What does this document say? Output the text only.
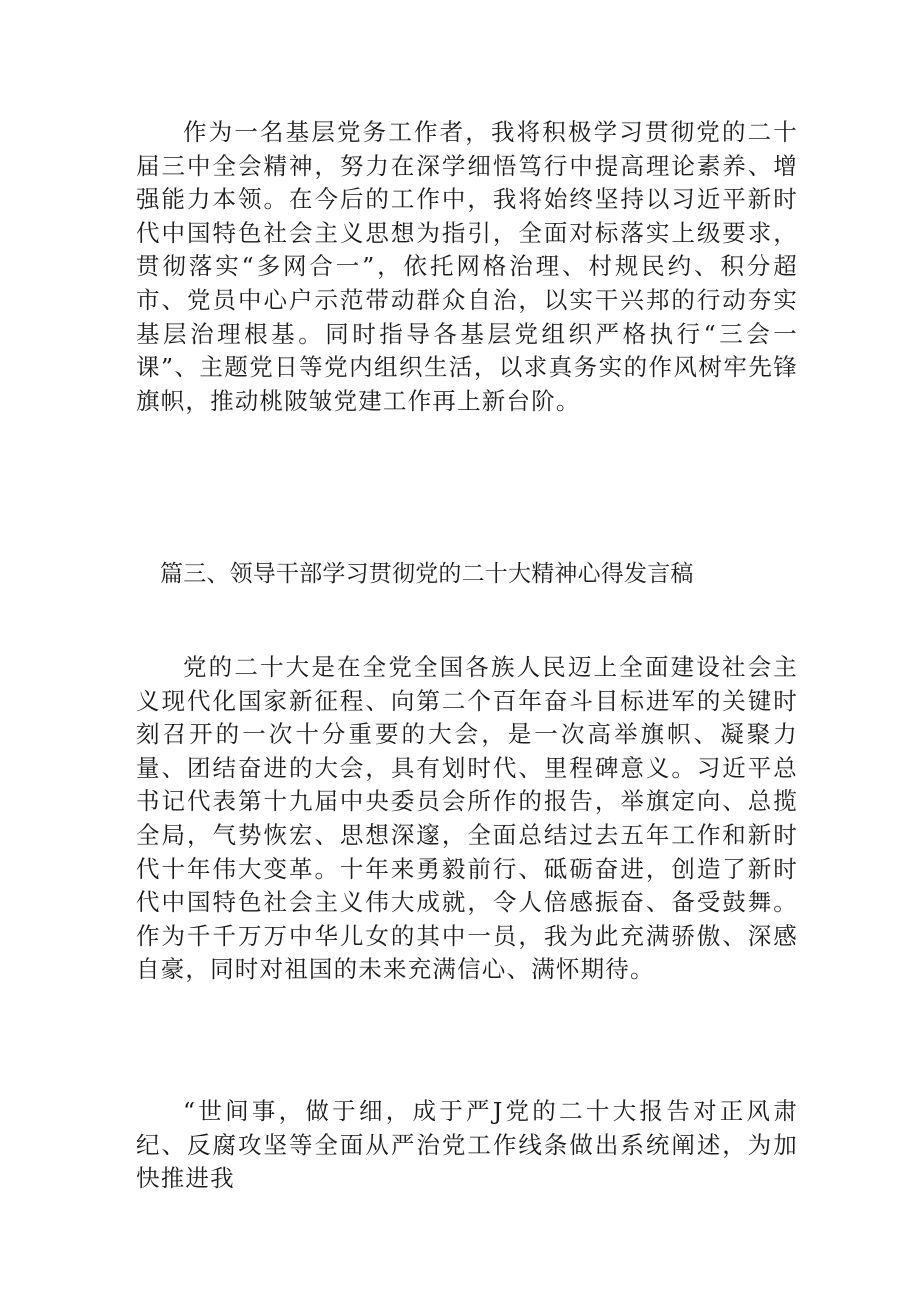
作为一名基层党务工作者，我将积极学习贯彻党的二十届三中全会精神，努力在深学细悟笃行中提高理论素养、增强能力本领。在今后的工作中，我将始终坚持以习近平新时代中国特色社会主义思想为指引，全面对标落实上级要求，贯彻落实“多网合一”，依托网格治理、村规民约、积分超市、党员中心户示范带动群众自治，以实干兴邦的行动夯实基层治理根基。同时指导各基层党组织严格执行“三会一课”、主题党日等党内组织生活，以求真务实的作风树牢先锋旗帜，推动桃陂皱党建工作再上新台阶。

篇三、领导干部学习贯彻党的二十大精神心得发言稿

党的二十大是在全党全国各族人民迈上全面建设社会主义现代化国家新征程、向第二个百年奋斗目标进军的关键时刻召开的一次十分重要的大会，是一次高举旗帜、凝聚力量、团结奋进的大会，具有划时代、里程碑意义。习近平总书记代表第十九届中央委员会所作的报告，举旗定向、总揽全局，气势恢宏、思想深邃，全面总结过去五年工作和新时代十年伟大变革。十年来勇毅前行、砥砺奋进，创造了新时代中国特色社会主义伟大成就，令人倍感振奋、备受鼓舞。作为千千万万中华儿女的其中一员，我为此充满骄傲、深感自豪，同时对祖国的未来充满信心、满怀期待。

“世间事，做于细，成于严J党的二十大报告对正风肃纪、反腐攻坚等全面从严治党工作线条做出系统阐述，为加快推进我
